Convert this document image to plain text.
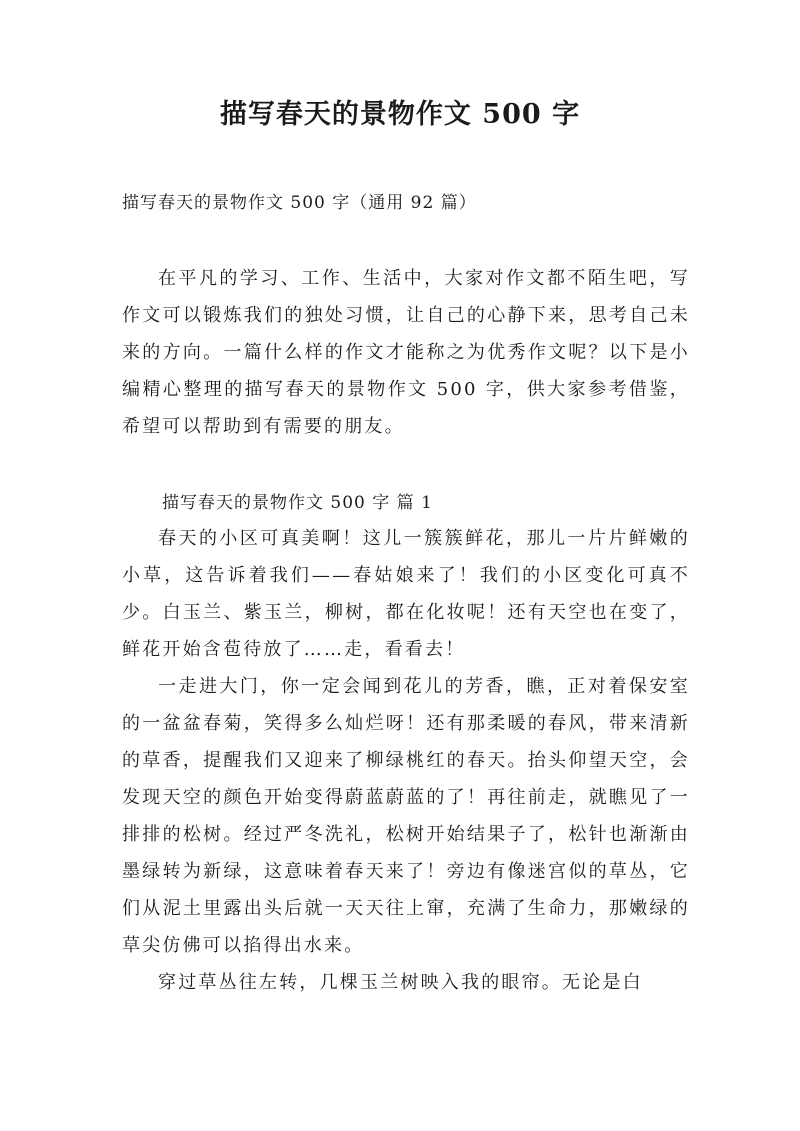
描写春天的景物作文 500 字

描写春天的景物作文 500 字（通用 92 篇）

在平凡的学习、工作、生活中，大家对作文都不陌生吧，写作文可以锻炼我们的独处习惯，让自己的心静下来，思考自己未来的方向。一篇什么样的作文才能称之为优秀作文呢？以下是小编精心整理的描写春天的景物作文 500 字，供大家参考借鉴，希望可以帮助到有需要的朋友。

描写春天的景物作文 500 字 篇 1

春天的小区可真美啊！这儿一簇簇鲜花，那儿一片片鲜嫩的小草，这告诉着我们——春姑娘来了！我们的小区变化可真不少。白玉兰、紫玉兰，柳树，都在化妆呢！还有天空也在变了，鲜花开始含苞待放了……走，看看去！

一走进大门，你一定会闻到花儿的芳香，瞧，正对着保安室的一盆盆春菊，笑得多么灿烂呀！还有那柔暖的春风，带来清新的草香，提醒我们又迎来了柳绿桃红的春天。抬头仰望天空，会发现天空的颜色开始变得蔚蓝蔚蓝的了！再往前走，就瞧见了一排排的松树。经过严冬洗礼，松树开始结果子了，松针也渐渐由墨绿转为新绿，这意味着春天来了！旁边有像迷宫似的草丛，它们从泥土里露出头后就一天天往上窜，充满了生命力，那嫩绿的草尖仿佛可以掐得出水来。

穿过草丛往左转，几棵玉兰树映入我的眼帘。无论是白
